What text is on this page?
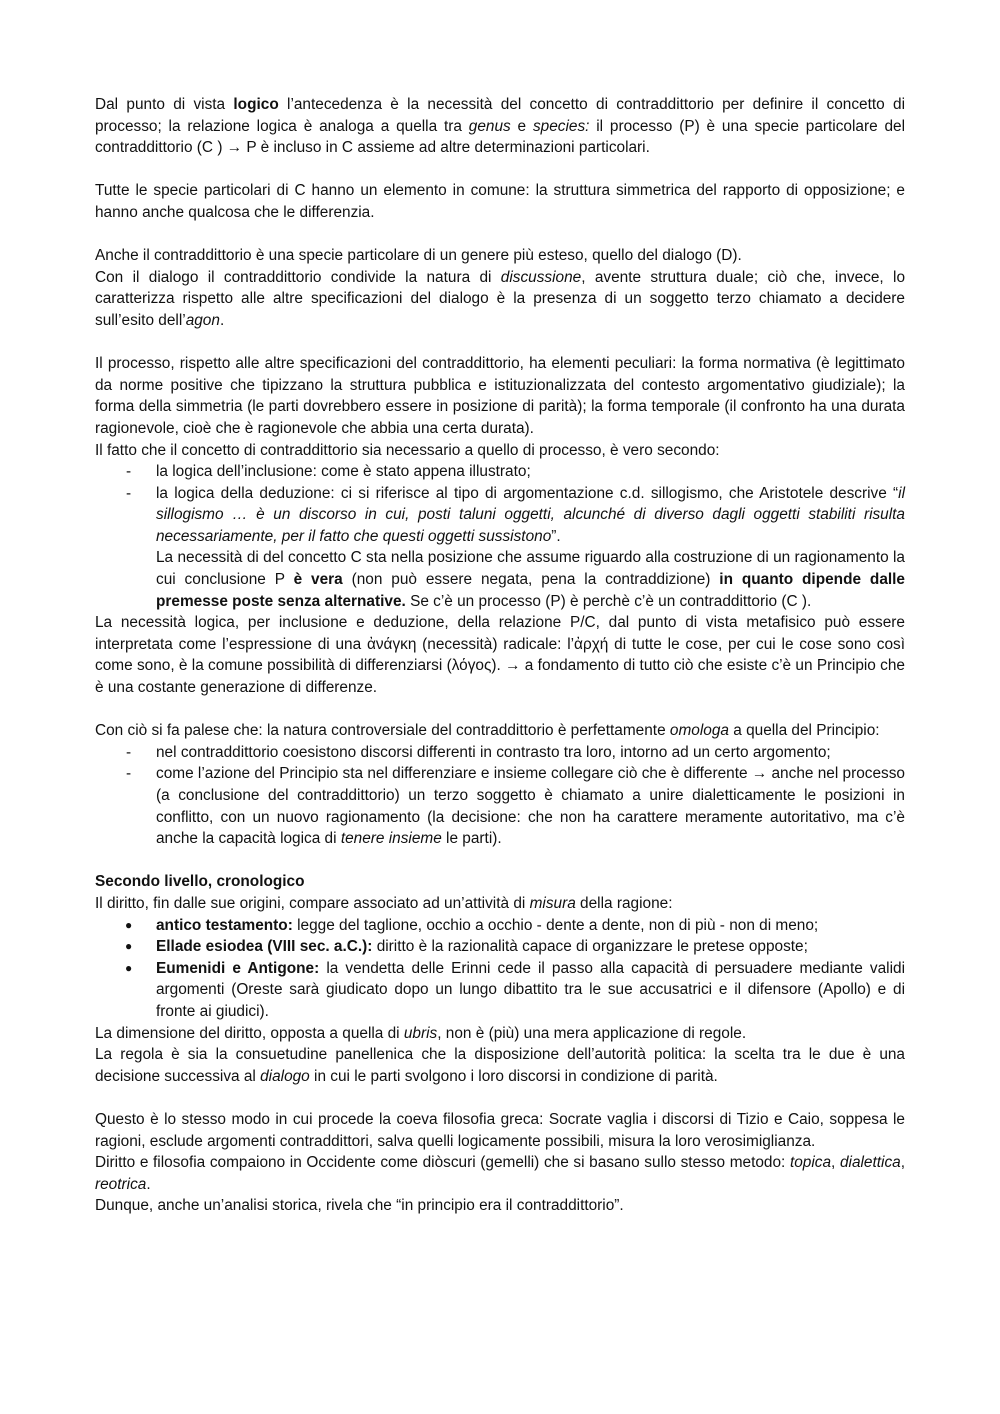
Dal punto di vista logico l’antecedenza è la necessità del concetto di contraddittorio per definire il concetto di processo; la relazione logica è analoga a quella tra genus e species: il processo (P) è una specie particolare del contraddittorio (C ) → P è incluso in C assieme ad altre determinazioni particolari.

Tutte le specie particolari di C hanno un elemento in comune: la struttura simmetrica del rapporto di opposizione; e hanno anche qualcosa che le differenzia.

Anche il contraddittorio è una specie particolare di un genere più esteso, quello del dialogo (D).

Con il dialogo il contraddittorio condivide la natura di discussione, avente struttura duale; ciò che, invece, lo caratterizza rispetto alle altre specificazioni del dialogo è la presenza di un soggetto terzo chiamato a decidere sull’esito dell’agon.

Il processo, rispetto alle altre specificazioni del contraddittorio, ha elementi peculiari: la forma normativa (è legittimato da norme positive che tipizzano la struttura pubblica e istituzionalizzata del contesto argomentativo giudiziale); la forma della simmetria (le parti dovrebbero essere in posizione di parità); la forma temporale (il confronto ha una durata ragionevole, cioè che è ragionevole che abbia una certa durata).

Il fatto che il concetto di contraddittorio sia necessario a quello di processo, è vero secondo:

- la logica dell’inclusione: come è stato appena illustrato;
- la logica della deduzione: ci si riferisce al tipo di argomentazione c.d. sillogismo, che Aristotele descrive “il sillogismo … è un discorso in cui, posti taluni oggetti, alcunché di diverso dagli oggetti stabiliti risulta necessariamente, per il fatto che questi oggetti sussistono”.
La necessità di del concetto C sta nella posizione che assume riguardo alla costruzione di un ragionamento la cui conclusione P è vera (non può essere negata, pena la contraddizione) in quanto dipende dalle premesse poste senza alternative. Se c’è un processo (P) è perchè c’è un contraddittorio (C ).

La necessità logica, per inclusione e deduzione, della relazione P/C, dal punto di vista metafisico può essere interpretata come l’espressione di una ἀνάγκη (necessità) radicale: l’ἀρχή di tutte le cose, per cui le cose sono così come sono, è la comune possibilità di differenziarsi (λόγος). → a fondamento di tutto ciò che esiste c’è un Principio che è una costante generazione di differenze.

Con ciò si fa palese che: la natura controversiale del contraddittorio è perfettamente omologa a quella del Principio:

- nel contraddittorio coesistono discorsi differenti in contrasto tra loro, intorno ad un certo argomento;
- come l’azione del Principio sta nel differenziare e insieme collegare ciò che è differente → anche nel processo (a conclusione del contraddittorio) un terzo soggetto è chiamato a unire dialetticamente le posizioni in conflitto, con un nuovo ragionamento (la decisione: che non ha carattere meramente autoritativo, ma c’è anche la capacità logica di tenere insieme le parti).

Secondo livello, cronologico

Il diritto, fin dalle sue origini, compare associato ad un’attività di misura della ragione:

● antico testamento: legge del taglione, occhio a occhio - dente a dente, non di più - non di meno;
● Ellade esiodea (VIII sec. a.C.): diritto è la razionalità capace di organizzare le pretese opposte;
● Eumenidi e Antigone: la vendetta delle Erinni cede il passo alla capacità di persuadere mediante validi argomenti (Oreste sarà giudicato dopo un lungo dibattito tra le sue accusatrici e il difensore (Apollo) e di fronte ai giudici).

La dimensione del diritto, opposta a quella di ubris, non è (più) una mera applicazione di regole.

La regola è sia la consuetudine panellenica che la disposizione dell’autorità politica: la scelta tra le due è una decisione successiva al dialogo in cui le parti svolgono i loro discorsi in condizione di parità.

Questo è lo stesso modo in cui procede la coeva filosofia greca: Socrate vaglia i discorsi di Tizio e Caio, soppesa le ragioni, esclude argomenti contraddittori, salva quelli logicamente possibili, misura la loro verosimiglianza.

Diritto e filosofia compaiono in Occidente come diòscuri (gemelli) che si basano sullo stesso metodo: topica, dialettica, reotrica.

Dunque, anche un’analisi storica, rivela che “in principio era il contraddittorio”.
